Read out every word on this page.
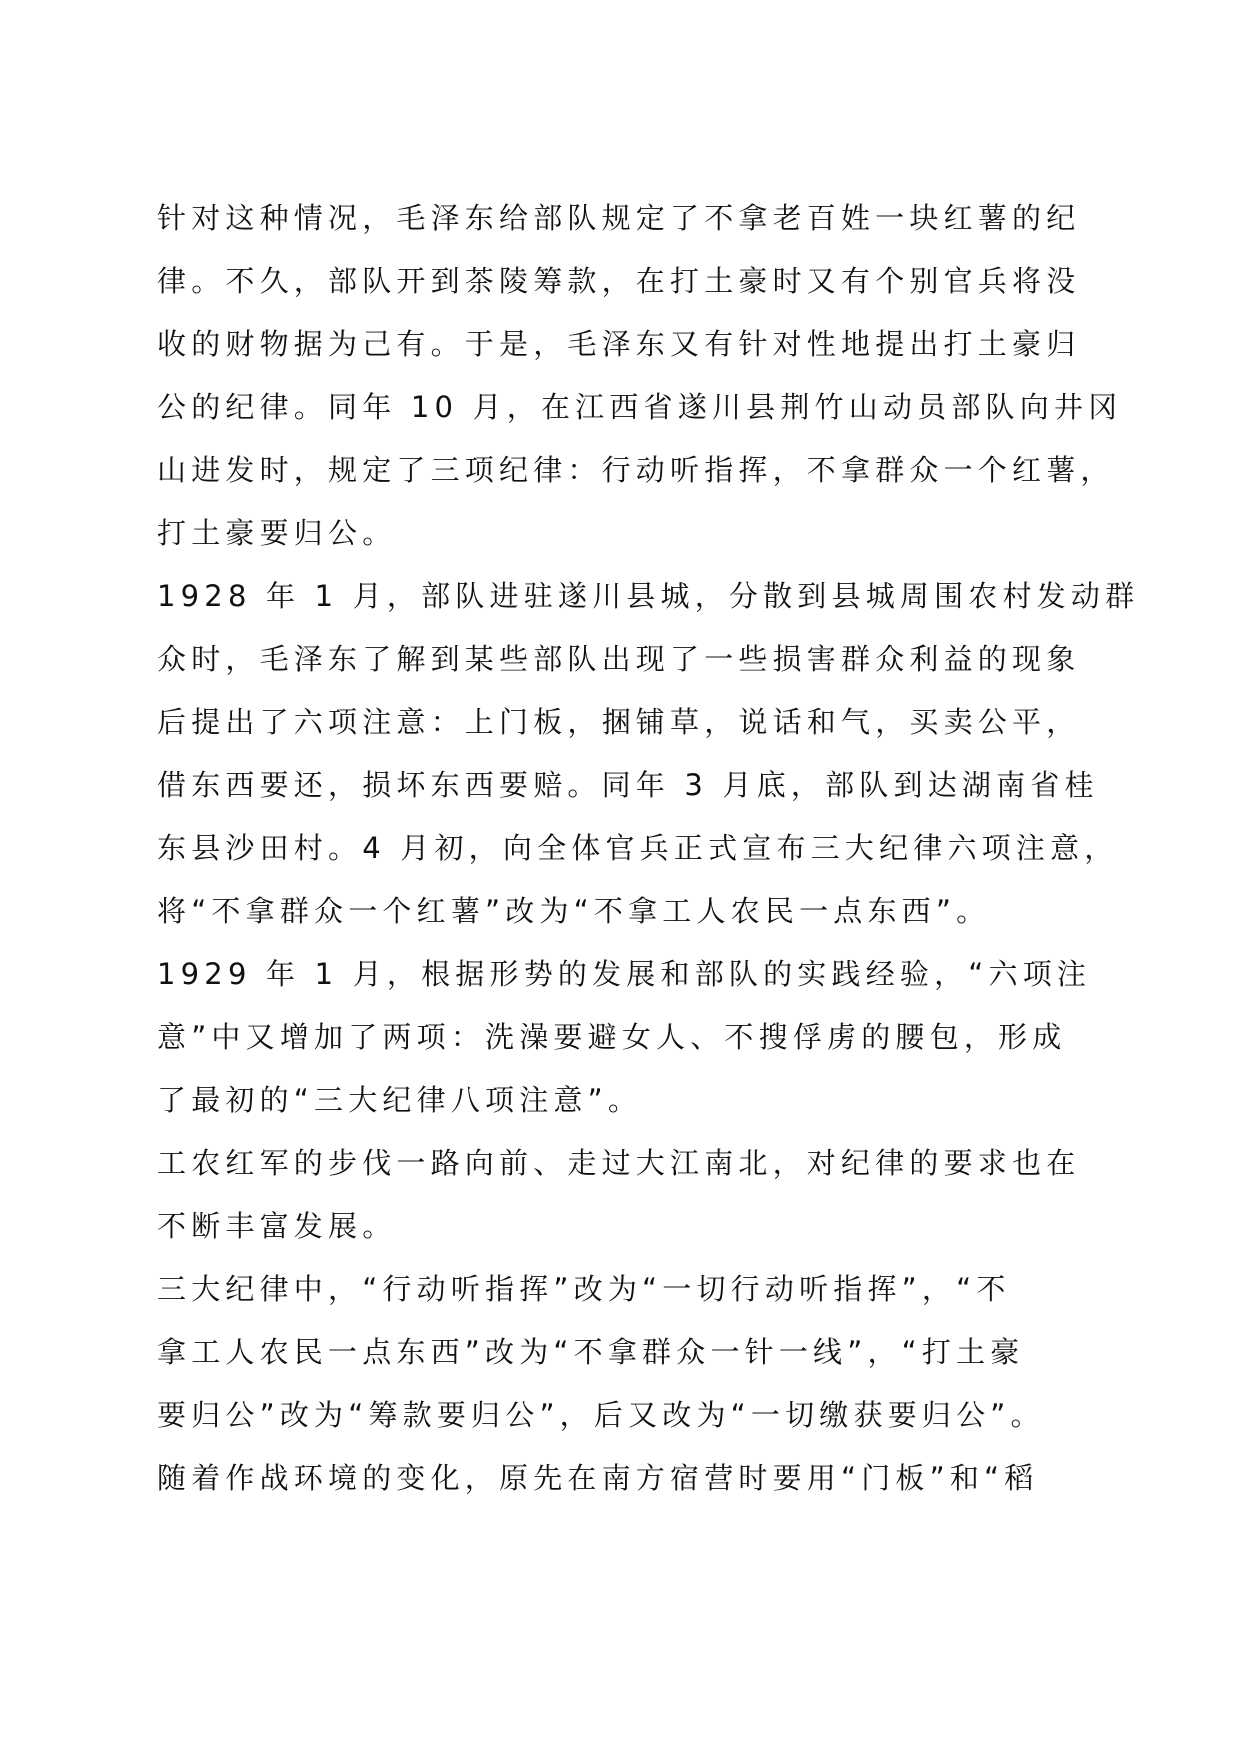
针对这种情况，毛泽东给部队规定了不拿老百姓一块红薯的纪
律。不久，部队开到茶陵筹款，在打土豪时又有个别官兵将没
收的财物据为己有。于是，毛泽东又有针对性地提出打土豪归
公的纪律。同年 10 月，在江西省遂川县荆竹山动员部队向井冈
山进发时，规定了三项纪律：行动听指挥，不拿群众一个红薯，
打土豪要归公。
1928 年 1 月，部队进驻遂川县城，分散到县城周围农村发动群
众时，毛泽东了解到某些部队出现了一些损害群众利益的现象
后提出了六项注意：上门板，捆铺草，说话和气，买卖公平，
借东西要还，损坏东西要赔。同年 3 月底，部队到达湖南省桂
东县沙田村。4 月初，向全体官兵正式宣布三大纪律六项注意，
将“不拿群众一个红薯”改为“不拿工人农民一点东西”。
1929 年 1 月，根据形势的发展和部队的实践经验，“六项注
意”中又增加了两项：洗澡要避女人、不搜俘虏的腰包，形成
了最初的“三大纪律八项注意”。
工农红军的步伐一路向前、走过大江南北，对纪律的要求也在
不断丰富发展。
三大纪律中，“行动听指挥”改为“一切行动听指挥”，“不
拿工人农民一点东西”改为“不拿群众一针一线”，“打土豪
要归公”改为“筹款要归公”，后又改为“一切缴获要归公”。
随着作战环境的变化，原先在南方宿营时要用“门板”和“稻
